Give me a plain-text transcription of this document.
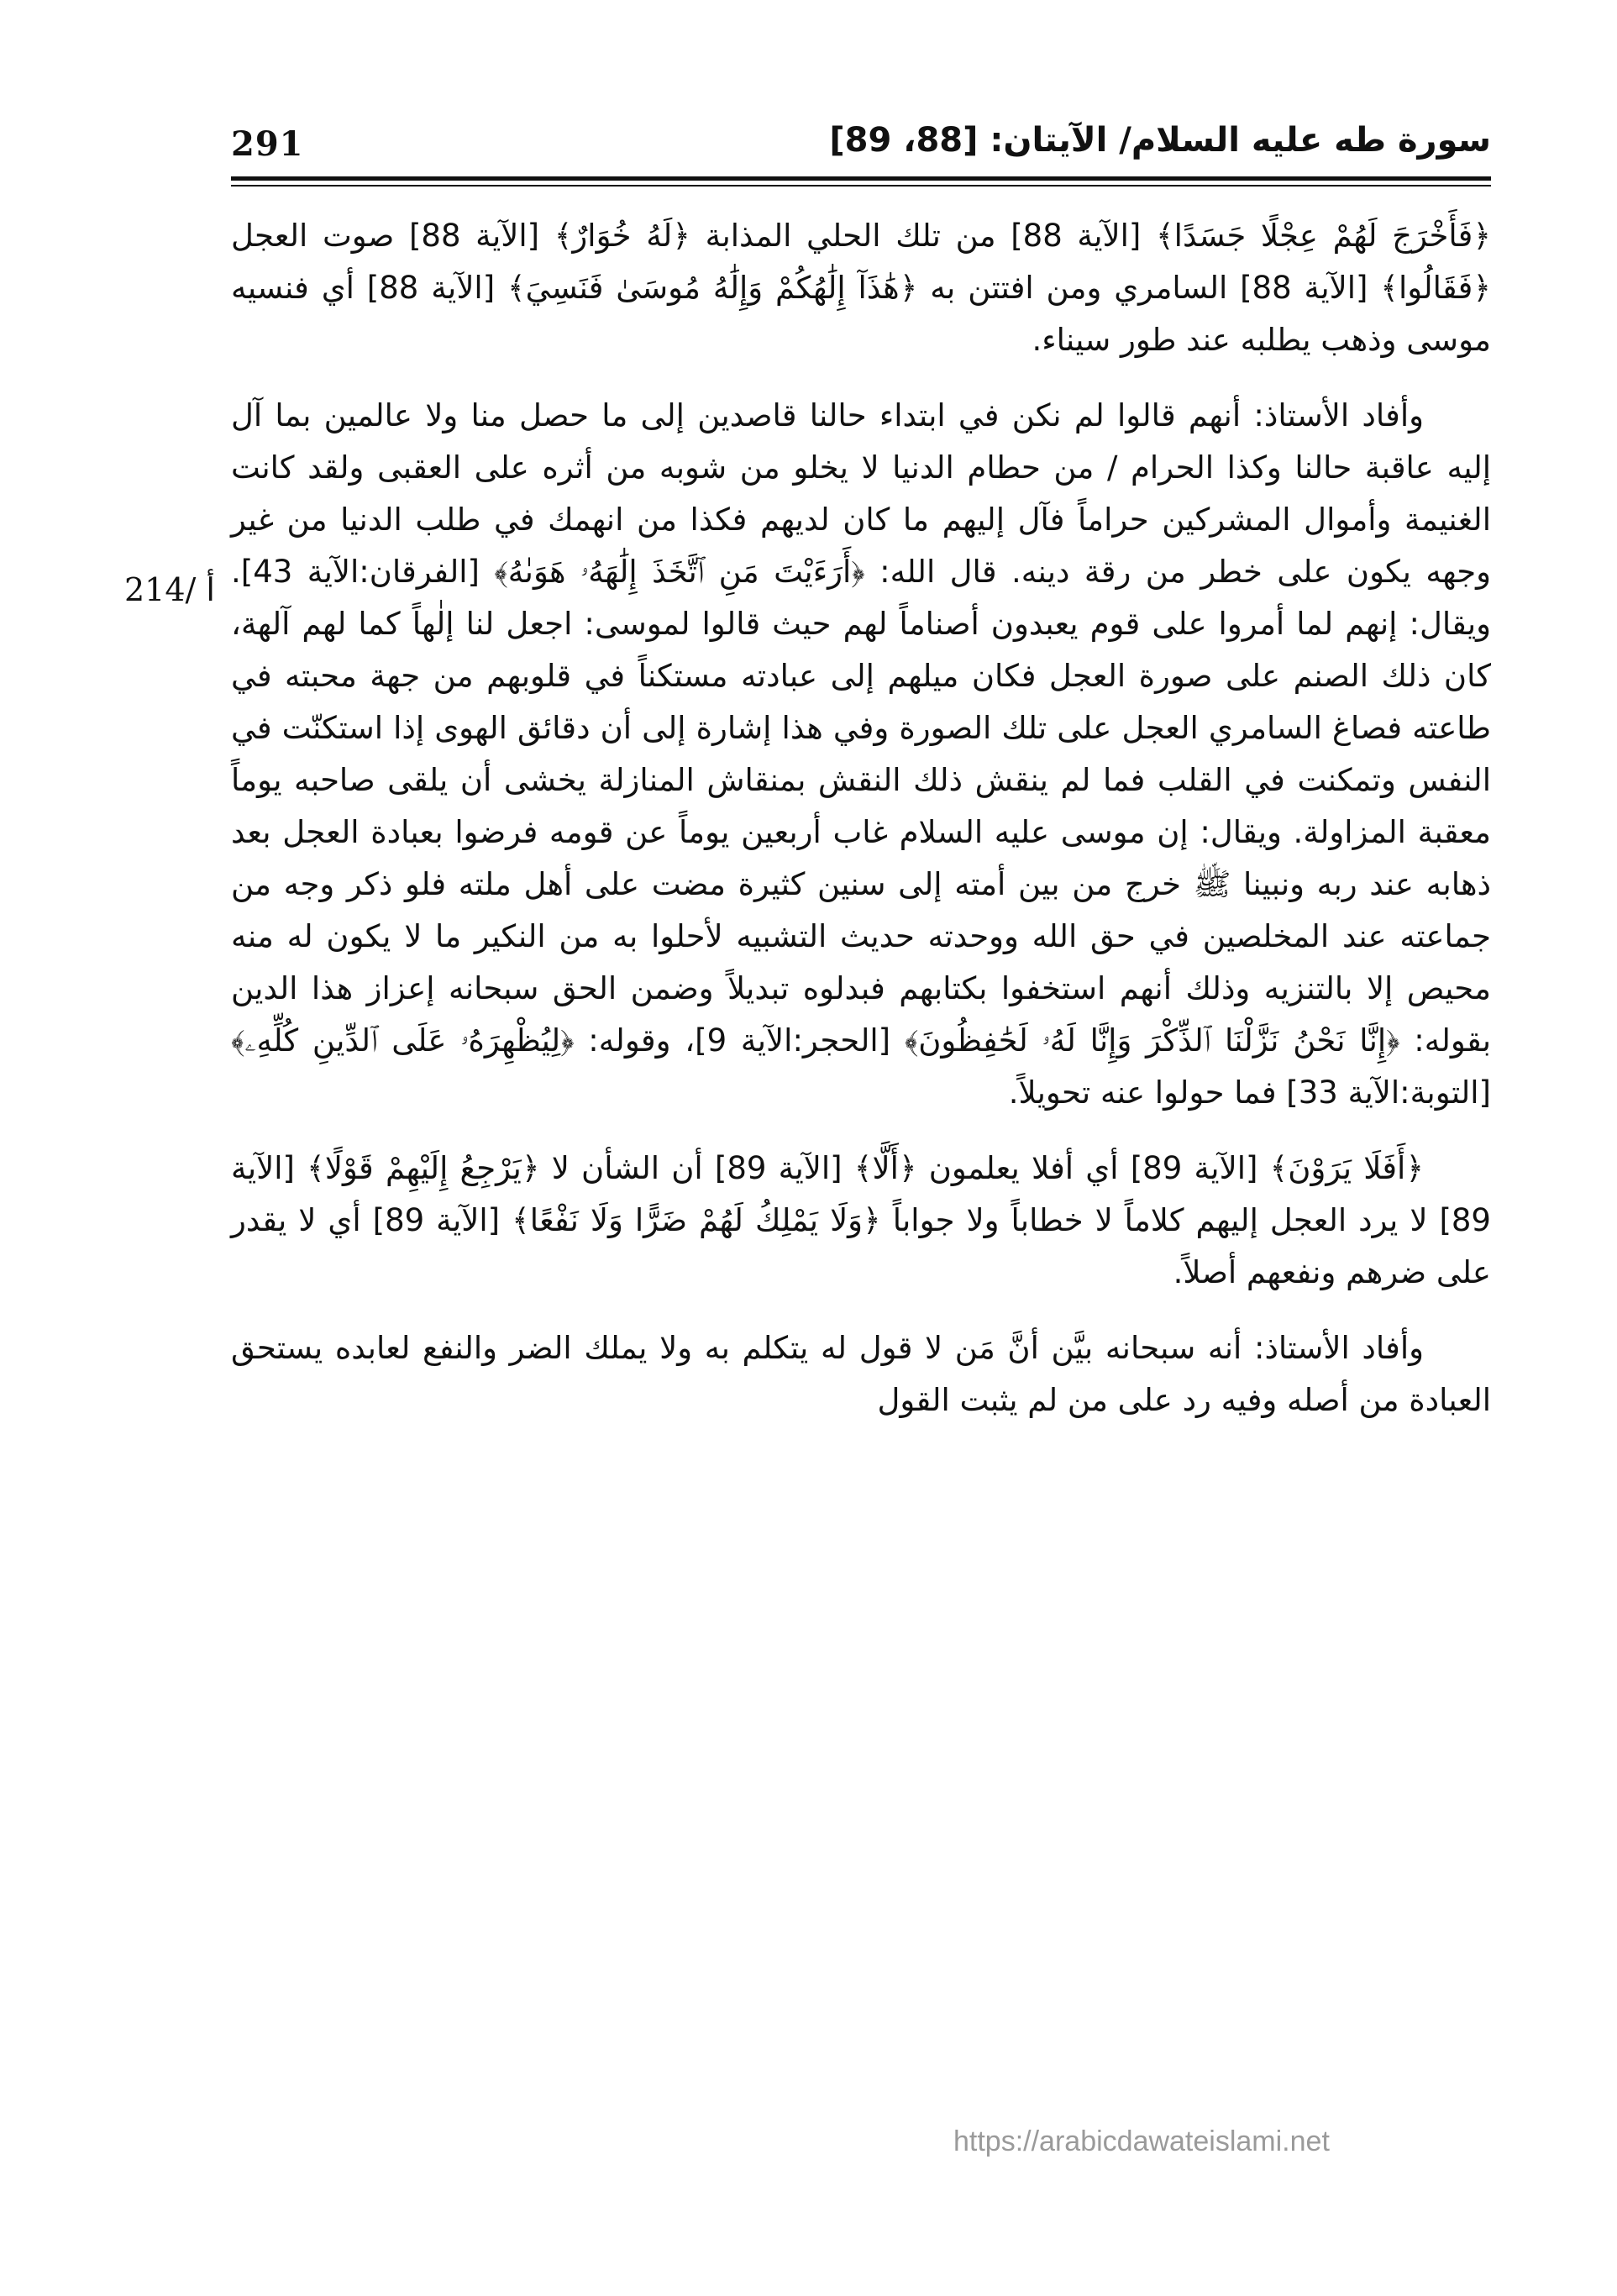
291	سورة طه عليه السلام/ الآيتان: [88، 89]
214/ أ

﴿فَأَخْرَجَ لَهُمْ عِجْلًا جَسَدًا﴾ [الآية 88] من تلك الحلي المذابة ﴿لَهُ خُوَارٌ﴾ [الآية 88] صوت العجل ﴿فَقَالُوا﴾ [الآية 88] السامري ومن افتتن به ﴿هَٰذَآ إِلَٰهُكُمْ وَإِلَٰهُ مُوسَىٰ فَنَسِيَ﴾ [الآية 88] أي فنسيه موسى وذهب يطلبه عند طور سيناء.

وأفاد الأستاذ: أنهم قالوا لم نكن في ابتداء حالنا قاصدين إلى ما حصل منا ولا عالمين بما آل إليه عاقبة حالنا وكذا الحرام / من حطام الدنيا لا يخلو من شوبه من أثره على العقبى ولقد كانت الغنيمة وأموال المشركين حراماً فآل إليهم ما كان لديهم فكذا من انهمك في طلب الدنيا من غير وجهه يكون على خطر من رقة دينه. قال الله: ﴿أَرَءَيْتَ مَنِ ٱتَّخَذَ إِلَٰهَهُۥ هَوَىٰهُ﴾ [الفرقان:الآية 43]. ويقال: إنهم لما أمروا على قوم يعبدون أصناماً لهم حيث قالوا لموسى: اجعل لنا إلٰهاً كما لهم آلهة، كان ذلك الصنم على صورة العجل فكان ميلهم إلى عبادته مستكناً في قلوبهم من جهة محبته في طاعته فصاغ السامري العجل على تلك الصورة وفي هذا إشارة إلى أن دقائق الهوى إذا استكنّت في النفس وتمكنت في القلب فما لم ينقش ذلك النقش بمنقاش المنازلة يخشى أن يلقى صاحبه يوماً معقبة المزاولة. ويقال: إن موسى عليه السلام غاب أربعين يوماً عن قومه فرضوا بعبادة العجل بعد ذهابه عند ربه ونبينا ﷺ خرج من بين أمته إلى سنين كثيرة مضت على أهل ملته فلو ذكر وجه من جماعته عند المخلصين في حق الله ووحدته حديث التشبيه لأحلوا به من النكير ما لا يكون له منه محيص إلا بالتنزيه وذلك أنهم استخفوا بكتابهم فبدلوه تبديلاً وضمن الحق سبحانه إعزاز هذا الدين بقوله: ﴿إِنَّا نَحْنُ نَزَّلْنَا ٱلذِّكْرَ وَإِنَّا لَهُۥ لَحَٰفِظُونَ﴾ [الحجر:الآية 9]، وقوله: ﴿لِيُظْهِرَهُۥ عَلَى ٱلدِّينِ كُلِّهِۦ﴾ [التوبة:الآية 33] فما حولوا عنه تحويلاً.

﴿أَفَلَا يَرَوْنَ﴾ [الآية 89] أي أفلا يعلمون ﴿أَلَّا﴾ [الآية 89] أن الشأن لا ﴿يَرْجِعُ إِلَيْهِمْ قَوْلًا﴾ [الآية 89] لا يرد العجل إليهم كلاماً لا خطاباً ولا جواباً ﴿وَلَا يَمْلِكُ لَهُمْ ضَرًّا وَلَا نَفْعًا﴾ [الآية 89] أي لا يقدر على ضرهم ونفعهم أصلاً.

وأفاد الأستاذ: أنه سبحانه بيَّن أنَّ مَن لا قول له يتكلم به ولا يملك الضر والنفع لعابده يستحق العبادة من أصله وفيه رد على من لم يثبت القول

https://arabicdawateislami.net
